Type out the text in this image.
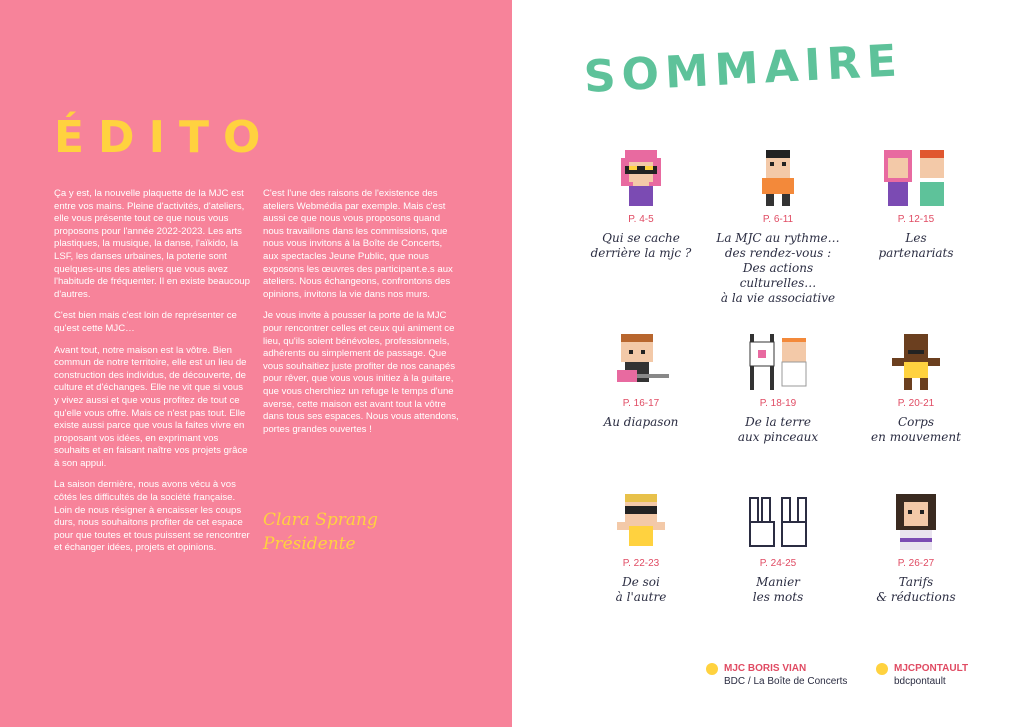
ÉDITO

Ça y est, la nouvelle plaquette de la MJC est entre vos mains. Pleine d'activités, d'ateliers, elle vous présente tout ce que nous vous proposons pour l'année 2022-2023. Les arts plastiques, la musique, la danse, l'aïkido, la LSF, les danses urbaines, la poterie sont quelques-uns des ateliers que vous avez l'habitude de fréquenter. Il en existe beaucoup d'autres.

C'est bien mais c'est loin de représenter ce qu'est cette MJC…

Avant tout, notre maison est la vôtre. Bien commun de notre territoire, elle est un lieu de construction des individus, de découverte, de culture et d'échanges. Elle ne vit que si vous y vivez aussi et que vous profitez de tout ce qu'elle vous offre. Mais ce n'est pas tout. Elle existe aussi parce que vous la faites vivre en proposant vos idées, en exprimant vos souhaits et en faisant naître vos projets grâce à son appui.

La saison dernière, nous avons vécu à vos côtés les difficultés de la société française. Loin de nous résigner à encaisser les coups durs, nous souhaitons profiter de cet espace pour que toutes et tous puissent se rencontrer et échanger idées, projets et opinions.

C'est l'une des raisons de l'existence des ateliers Webmédia par exemple. Mais c'est aussi ce que nous vous proposons quand nous travaillons dans les commissions, que nous vous invitons à la Boîte de Concerts, aux spectacles Jeune Public, que nous exposons les œuvres des participant.e.s aux ateliers. Nous échangeons, confrontons des opinions, invitons la vie dans nos murs.

Je vous invite à pousser la porte de la MJC pour rencontrer celles et ceux qui animent ce lieu, qu'ils soient bénévoles, professionnels, adhérents ou simplement de passage. Que vous souhaitiez juste profiter de nos canapés pour rêver, que vous vous initiez à la guitare, que vous cherchiez un refuge le temps d'une averse, cette maison est avant tout la vôtre dans tous ses espaces. Nous vous attendons, portes grandes ouvertes !

Clara Sprang
Présidente
SOMMAIRE
P. 4-5
Qui se cache
derrière la mjc ?
P. 6-11
La MJC au rythme…
des rendez-vous :
Des actions culturelles…
à la vie associative
P. 12-15
Les
partenariats
P. 16-17
Au diapason
P. 18-19
De la terre
aux pinceaux
P. 20-21
Corps
en mouvement
P. 22-23
De soi
à l'autre
P. 24-25
Manier
les mots
P. 26-27
Tarifs
& réductions
MJC BORIS VIAN
BDC / La Boîte de Concerts
MJCPONTAULT
bdcpontault
